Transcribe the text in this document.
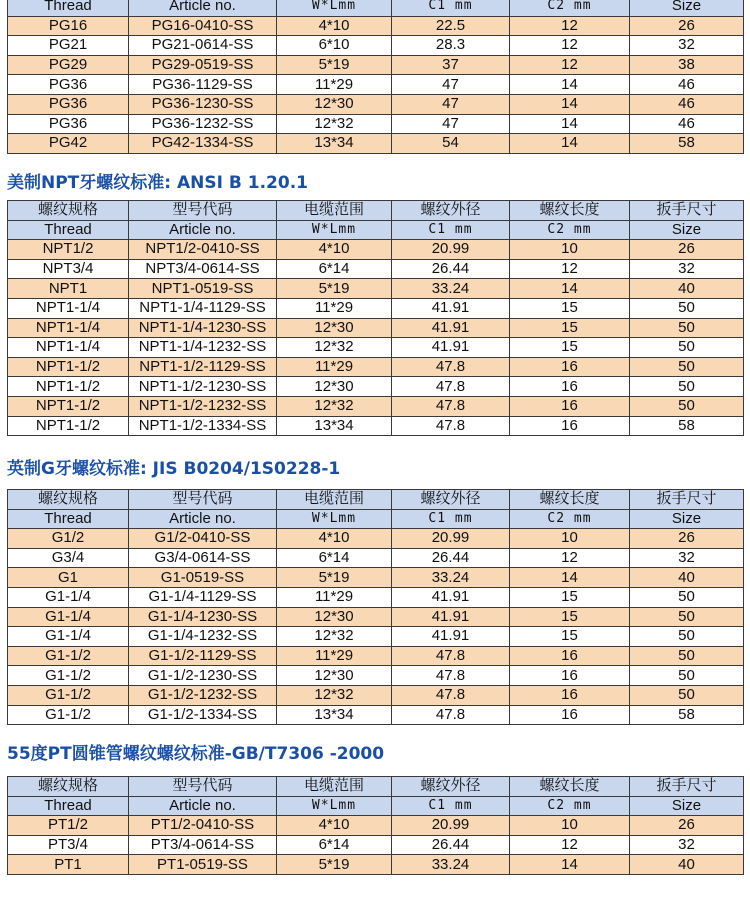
Thread	Article no.	W*Lmm	C1 mm	C2 mm	Size
PG16	PG16-0410-SS	4*10	22.5	12	26
PG21	PG21-0614-SS	6*10	28.3	12	32
PG29	PG29-0519-SS	5*19	37	12	38
PG36	PG36-1129-SS	11*29	47	14	46
PG36	PG36-1230-SS	12*30	47	14	46
PG36	PG36-1232-SS	12*32	47	14	46
PG42	PG42-1334-SS	13*34	54	14	58
美制NPT牙螺纹标准: ANSI B 1.20.1
螺纹规格	型号代码	电缆范围	螺纹外径	螺纹长度	扳手尺寸
Thread	Article no.	W*Lmm	C1 mm	C2 mm	Size
NPT1/2	NPT1/2-0410-SS	4*10	20.99	10	26
NPT3/4	NPT3/4-0614-SS	6*14	26.44	12	32
NPT1	NPT1-0519-SS	5*19	33.24	14	40
NPT1-1/4	NPT1-1/4-1129-SS	11*29	41.91	15	50
NPT1-1/4	NPT1-1/4-1230-SS	12*30	41.91	15	50
NPT1-1/4	NPT1-1/4-1232-SS	12*32	41.91	15	50
NPT1-1/2	NPT1-1/2-1129-SS	11*29	47.8	16	50
NPT1-1/2	NPT1-1/2-1230-SS	12*30	47.8	16	50
NPT1-1/2	NPT1-1/2-1232-SS	12*32	47.8	16	50
NPT1-1/2	NPT1-1/2-1334-SS	13*34	47.8	16	58
英制G牙螺纹标准: JIS B0204/1S0228-1
螺纹规格	型号代码	电缆范围	螺纹外径	螺纹长度	扳手尺寸
Thread	Article no.	W*Lmm	C1 mm	C2 mm	Size
G1/2	G1/2-0410-SS	4*10	20.99	10	26
G3/4	G3/4-0614-SS	6*14	26.44	12	32
G1	G1-0519-SS	5*19	33.24	14	40
G1-1/4	G1-1/4-1129-SS	11*29	41.91	15	50
G1-1/4	G1-1/4-1230-SS	12*30	41.91	15	50
G1-1/4	G1-1/4-1232-SS	12*32	41.91	15	50
G1-1/2	G1-1/2-1129-SS	11*29	47.8	16	50
G1-1/2	G1-1/2-1230-SS	12*30	47.8	16	50
G1-1/2	G1-1/2-1232-SS	12*32	47.8	16	50
G1-1/2	G1-1/2-1334-SS	13*34	47.8	16	58
55度PT圆锥管螺纹螺纹标准-GB/T7306 -2000
螺纹规格	型号代码	电缆范围	螺纹外径	螺纹长度	扳手尺寸
Thread	Article no.	W*Lmm	C1 mm	C2 mm	Size
PT1/2	PT1/2-0410-SS	4*10	20.99	10	26
PT3/4	PT3/4-0614-SS	6*14	26.44	12	32
PT1	PT1-0519-SS	5*19	33.24	14	40
